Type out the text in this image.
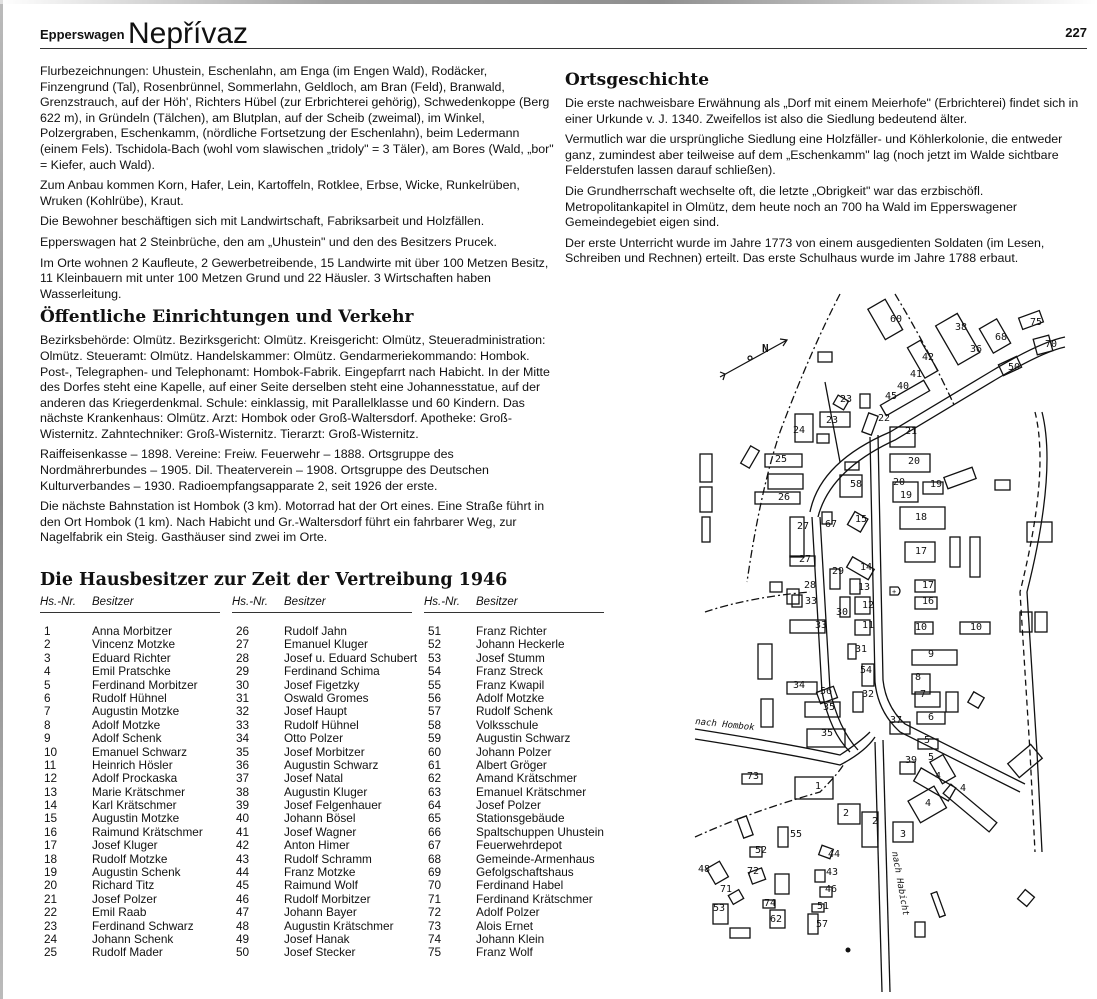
Epperswagen Nepřívaz	227

Flurbezeichnungen: Uhustein, Eschenlahn, am Enga (im Engen Wald), Rodäcker, Finzengrund (Tal), Rosenbrünnel, Sommerlahn, Geldloch, am Bran (Feld), Branwald, Grenzstrauch, auf der Höh', Richters Hübel (zur Erbrichterei gehörig), Schwedenkoppe (Berg 622 m), in Gründeln (Tälchen), am Blutplan, auf der Scheib (zweimal), im Winkel, Polzergraben, Eschenkamm, (nördliche Fortsetzung der Eschenlahn), beim Ledermann (einem Fels). Tschidola-Bach (wohl vom slawischen „tridoly" = 3 Täler), am Bores (Wald, „bor" = Kiefer, auch Wald).

Zum Anbau kommen Korn, Hafer, Lein, Kartoffeln, Rotklee, Erbse, Wicke, Runkelrüben, Wruken (Kohlrübe), Kraut.

Die Bewohner beschäftigen sich mit Landwirtschaft, Fabriksarbeit und Holzfällen.

Epperswagen hat 2 Steinbrüche, den am „Uhustein" und den des Besitzers Prucek.

Im Orte wohnen 2 Kaufleute, 2 Gewerbetreibende, 15 Landwirte mit über 100 Metzen Besitz, 11 Kleinbauern mit unter 100 Metzen Grund und 22 Häusler. 3 Wirtschaften haben Wasserleitung.

Öffentliche Einrichtungen und Verkehr

Bezirksbehörde: Olmütz. Bezirksgericht: Olmütz. Kreisgericht: Olmütz, Steueradministration: Olmütz. Steueramt: Olmütz. Handelskammer: Olmütz. Gendarmeriekommando: Hombok. Post-, Telegraphen- und Telephonamt: Hombok-Fabrik. Eingepfarrt nach Habicht. In der Mitte des Dorfes steht eine Kapelle, auf einer Seite derselben steht eine Johannesstatue, auf der anderen das Kriegerdenkmal. Schule: einklassig, mit Parallelklasse und 60 Kindern. Das nächste Krankenhaus: Olmütz. Arzt: Hombok oder Groß-Waltersdorf. Apotheke: Groß-Wisternitz. Zahntechniker: Groß-Wisternitz. Tierarzt: Groß-Wisternitz.

Raiffeisenkasse – 1898. Vereine: Freiw. Feuerwehr – 1888. Ortsgruppe des Nordmährerbundes – 1905. Dil. Theaterverein – 1908. Ortsgruppe des Deutschen Kulturverbandes – 1930. Radioempfangsapparate 2, seit 1926 der erste.

Die nächste Bahnstation ist Hombok (3 km). Motorrad hat der Ort eines. Eine Straße führt in den Ort Hombok (1 km). Nach Habicht und Gr.-Waltersdorf führt ein fahrbarer Weg, zur Nagelfabrik ein Steig. Gasthäuser sind zwei im Orte.

Ortsgeschichte

Die erste nachweisbare Erwähnung als „Dorf mit einem Meierhofe" (Erbrichterei) findet sich in einer Urkunde v. J. 1340. Zweifellos ist also die Siedlung bedeutend älter.

Vermutlich war die ursprüngliche Siedlung eine Holzfäller- und Köhlerkolonie, die entweder ganz, zumindest aber teilweise auf dem „Eschenkamm" lag (noch jetzt im Walde sichtbare Felderstufen lassen darauf schließen).

Die Grundherrschaft wechselte oft, die letzte „Obrigkeit" war das erzbischöfl. Metropolitankapitel in Olmütz, dem heute noch an 700 ha Wald im Epperswagener Gemeindegebiet eigen sind.

Der erste Unterricht wurde im Jahre 1773 von einem ausgedienten Soldaten (im Lesen, Schreiben und Rechnen) erteilt. Das erste Schulhaus wurde im Jahre 1788 erbaut.

Die Hausbesitzer zur Zeit der Vertreibung 1946
Hs.-Nr. Besitzer
1	Anna Morbitzer
2	Vincenz Motzke
3	Eduard Richter
4	Emil Pratschke
5	Ferdinand Morbitzer
6	Rudolf Hühnel
7	Augustin Motzke
8	Adolf Motzke
9	Adolf Schenk
10	Emanuel Schwarz
11	Heinrich Hösler
12	Adolf Prockaska
13	Marie Krätschmer
14	Karl Krätschmer
15	Augustin Motzke
16	Raimund Krätschmer
17	Josef Kluger
18	Rudolf Motzke
19	Augustin Schenk
20	Richard Titz
21	Josef Polzer
22	Emil Raab
23	Ferdinand Schwarz
24	Johann Schenk
25	Rudolf Mader
Hs.-Nr. Besitzer
26	Rudolf Jahn
27	Emanuel Kluger
28	Josef u. Eduard Schubert
29	Ferdinand Schima
30	Josef Figetzky
31	Oswald Gromes
32	Josef Haupt
33	Rudolf Hühnel
34	Otto Polzer
35	Josef Morbitzer
36	Augustin Schwarz
37	Josef Natal
38	Augustin Kluger
39	Josef Felgenhauer
40	Johann Bösel
41	Josef Wagner
42	Anton Himer
43	Rudolf Schramm
44	Franz Motzke
45	Raimund Wolf
46	Rudolf Morbitzer
47	Johann Bayer
48	Augustin Krätschmer
49	Josef Hanak
50	Josef Stecker
Hs.-Nr. Besitzer
51	Franz Richter
52	Johann Heckerle
53	Josef Stumm
54	Franz Streck
55	Franz Kwapil
56	Adolf Motzke
57	Rudolf Schenk
58	Volksschule
59	Augustin Schwarz
60	Johann Polzer
61	Albert Gröger
62	Amand Krätschmer
63	Emanuel Krätschmer
64	Josef Polzer
65	Stationsgebäude
66	Spaltschuppen Uhustein
67	Feuerwehrdepot
68	Gemeinde-Armenhaus
69	Gefolgschaftshaus
70	Ferdinand Habel
71	Ferdinand Krätschmer
72	Adolf Polzer
73	Alois Ernet
74	Johann Klein
75	Franz Wolf
+
N
nach Hombok
nach Habicht
60
38
36
68
75
70
50
42
41
40
45
23
23	22
24	21
25
26
20
58	19
19
20
18
27 67 15
17
27
14
28
29
13	17
16
33
30
12
11	10	10
33
31	9
54
8
34
56	32
35
7
6
37
35
5
5
39
4
4
4
73
1
2
2
3
55
52	44
48	72	43
71	46
74	51
53
62	57
